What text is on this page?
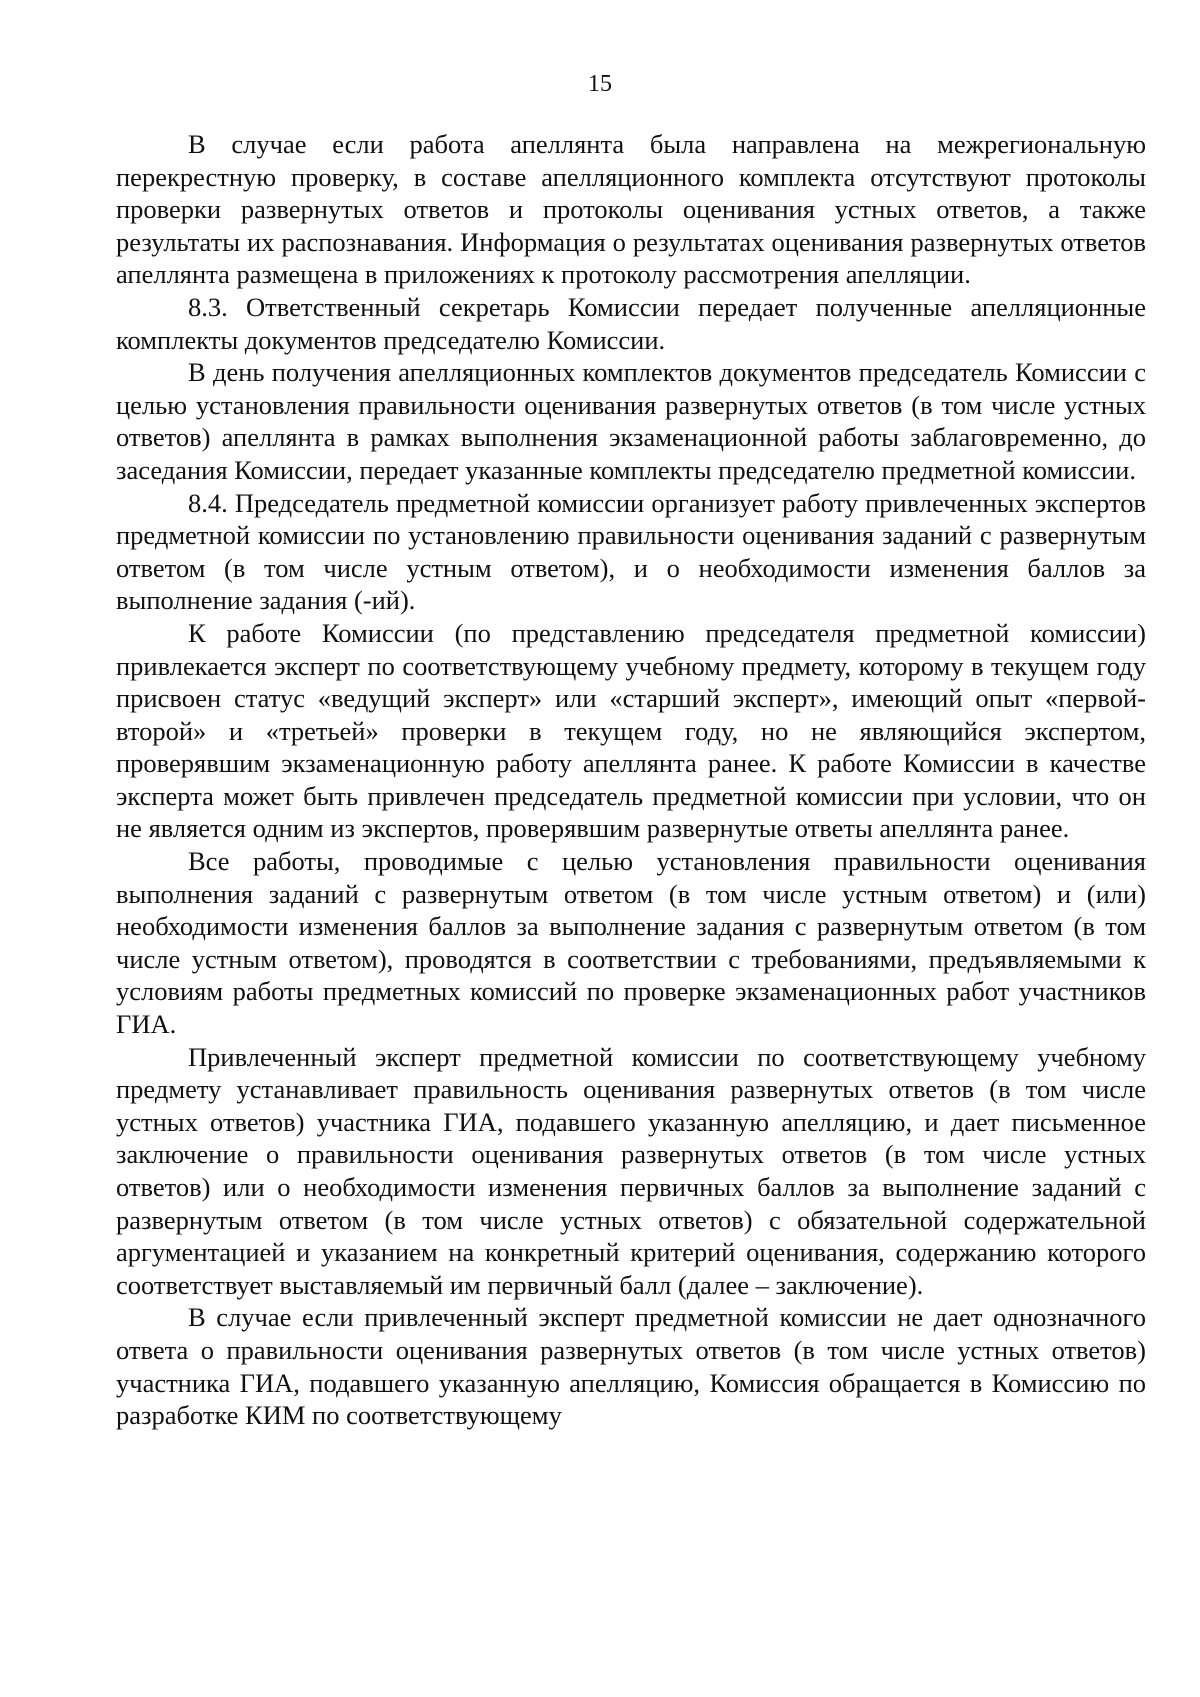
15

В случае если работа апеллянта была направлена на межрегиональную перекрестную проверку, в составе апелляционного комплекта отсутствуют протоколы проверки развернутых ответов и протоколы оценивания устных ответов, а также результаты их распознавания. Информация о результатах оценивания развернутых ответов апеллянта размещена в приложениях к протоколу рассмотрения апелляции.

8.3. Ответственный секретарь Комиссии передает полученные апелляционные комплекты документов председателю Комиссии.

В день получения апелляционных комплектов документов председатель Комиссии с целью установления правильности оценивания развернутых ответов (в том числе устных ответов) апеллянта в рамках выполнения экзаменационной работы заблаговременно, до заседания Комиссии, передает указанные комплекты председателю предметной комиссии.

8.4. Председатель предметной комиссии организует работу привлеченных экспертов предметной комиссии по установлению правильности оценивания заданий с развернутым ответом (в том числе устным ответом), и о необходимости изменения баллов за выполнение задания (-ий).

К работе Комиссии (по представлению председателя предметной комиссии) привлекается эксперт по соответствующему учебному предмету, которому в текущем году присвоен статус «ведущий эксперт» или «старший эксперт», имеющий опыт «первой-второй» и «третьей» проверки в текущем году, но не являющийся экспертом, проверявшим экзаменационную работу апеллянта ранее. К работе Комиссии в качестве эксперта может быть привлечен председатель предметной комиссии при условии, что он не является одним из экспертов, проверявшим развернутые ответы апеллянта ранее.

Все работы, проводимые с целью установления правильности оценивания выполнения заданий с развернутым ответом (в том числе устным ответом) и (или) необходимости изменения баллов за выполнение задания с развернутым ответом (в том числе устным ответом), проводятся в соответствии с требованиями, предъявляемыми к условиям работы предметных комиссий по проверке экзаменационных работ участников ГИА.

Привлеченный эксперт предметной комиссии по соответствующему учебному предмету устанавливает правильность оценивания развернутых ответов (в том числе устных ответов) участника ГИА, подавшего указанную апелляцию, и дает письменное заключение о правильности оценивания развернутых ответов (в том числе устных ответов) или о необходимости изменения первичных баллов за выполнение заданий с развернутым ответом (в том числе устных ответов) с обязательной содержательной аргументацией и указанием на конкретный критерий оценивания, содержанию которого соответствует выставляемый им первичный балл (далее – заключение).

В случае если привлеченный эксперт предметной комиссии не дает однозначного ответа о правильности оценивания развернутых ответов (в том числе устных ответов) участника ГИА, подавшего указанную апелляцию, Комиссия обращается в Комиссию по разработке КИМ по соответствующему
